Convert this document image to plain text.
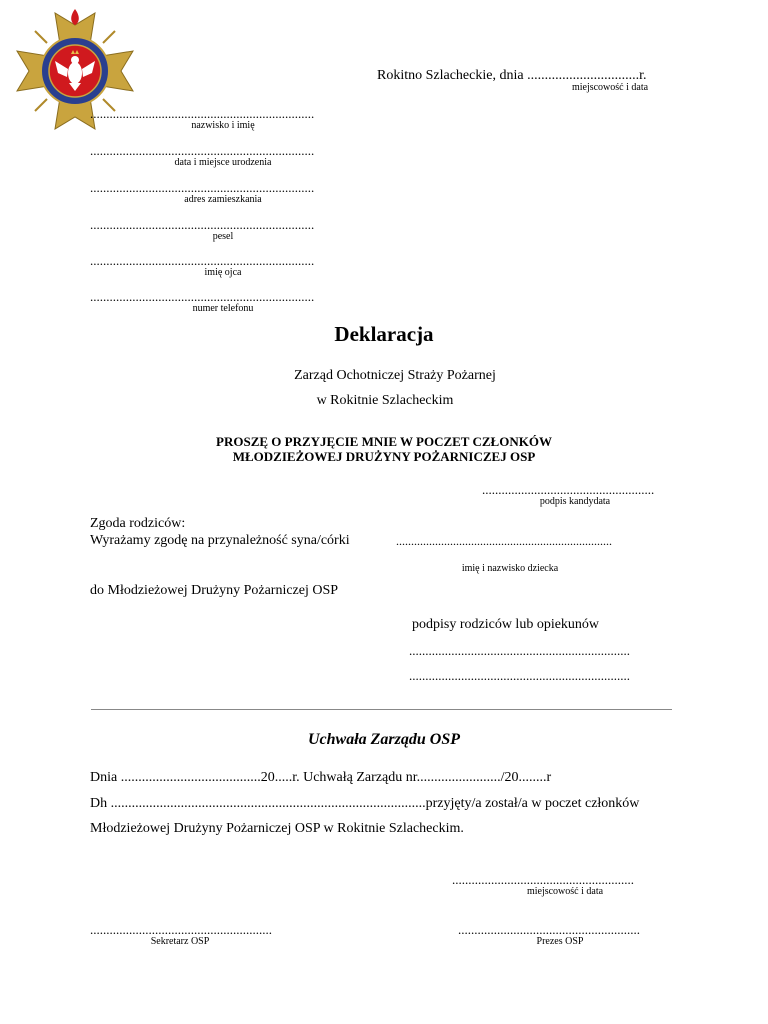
Rokitno Szlacheckie, dnia ................................r.
miejscowość i data
.....................................................................
nazwisko i imię
.....................................................................
data i miejsce urodzenia
.....................................................................
adres zamieszkania
.....................................................................
pesel
.....................................................................
imię ojca
.....................................................................
numer telefonu
Deklaracja
Zarząd Ochotniczej Straży Pożarnej
w Rokitnie Szlacheckim
PROSZĘ O PRZYJĘCIE MNIE W POCZET CZŁONKÓW
MŁODZIEŻOWEJ DRUŻYNY POŻARNICZEJ OSP
.....................................................
podpis kandydata
Zgoda rodziców:
Wyrażamy zgodę na przynależność syna/córki	........................................................................
imię i nazwisko dziecka
do Młodzieżowej Drużyny Pożarniczej OSP
podpisy rodziców lub opiekunów
....................................................................
....................................................................
Uchwała Zarządu OSP
Dnia ........................................20.....r. Uchwałą Zarządu nr......................../20........r
Dh ..........................................................................................przyjęty/a został/a w poczet członków
Młodzieżowej Drużyny Pożarniczej OSP w Rokitnie Szlacheckim.
........................................................
miejscowość i data
........................................................
Sekretarz OSP
........................................................
Prezes OSP
